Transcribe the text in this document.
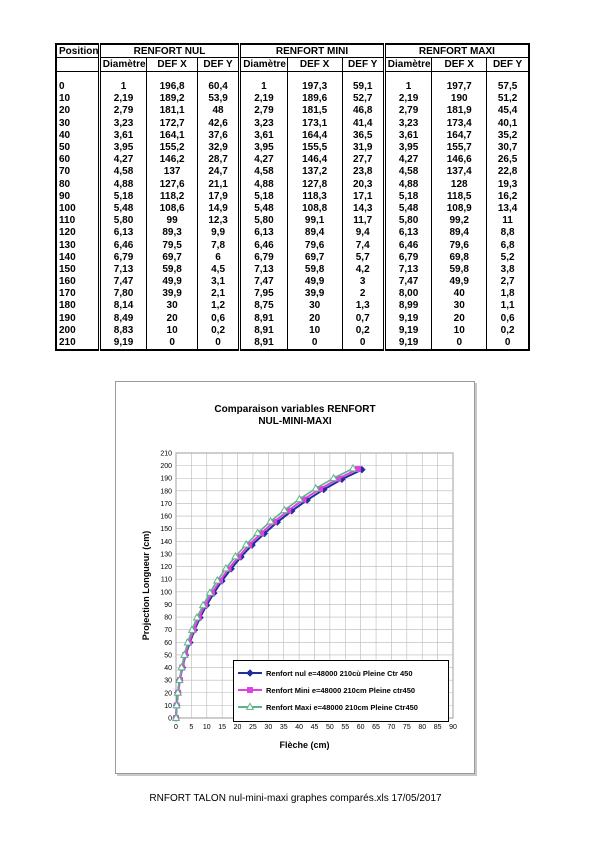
Position	RENFORT NUL			RENFORT MINI			RENFORT MAXI		
	Diamètre	DEF X	DEF Y	Diamètre	DEF X	DEF Y	Diamètre	DEF X	DEF Y

0	1	196,8	60,4	1	197,3	59,1	1	197,7	57,5
10	2,19	189,2	53,9	2,19	189,6	52,7	2,19	190	51,2
20	2,79	181,1	48	2,79	181,5	46,8	2,79	181,9	45,4
30	3,23	172,7	42,6	3,23	173,1	41,4	3,23	173,4	40,1
40	3,61	164,1	37,6	3,61	164,4	36,5	3,61	164,7	35,2
50	3,95	155,2	32,9	3,95	155,5	31,9	3,95	155,7	30,7
60	4,27	146,2	28,7	4,27	146,4	27,7	4,27	146,6	26,5
70	4,58	137	24,7	4,58	137,2	23,8	4,58	137,4	22,8
80	4,88	127,6	21,1	4,88	127,8	20,3	4,88	128	19,3
90	5,18	118,2	17,9	5,18	118,3	17,1	5,18	118,5	16,2
100	5,48	108,6	14,9	5,48	108,8	14,3	5,48	108,9	13,4
110	5,80	99	12,3	5,80	99,1	11,7	5,80	99,2	11
120	6,13	89,3	9,9	6,13	89,4	9,4	6,13	89,4	8,8
130	6,46	79,5	7,8	6,46	79,6	7,4	6,46	79,6	6,8
140	6,79	69,7	6	6,79	69,7	5,7	6,79	69,8	5,2
150	7,13	59,8	4,5	7,13	59,8	4,2	7,13	59,8	3,8
160	7,47	49,9	3,1	7,47	49,9	3	7,47	49,9	2,7
170	7,80	39,9	2,1	7,95	39,9	2	8,00	40	1,8
180	8,14	30	1,2	8,75	30	1,3	8,99	30	1,1
190	8,49	20	0,6	8,91	20	0,7	9,19	20	0,6
200	8,83	10	0,2	8,91	10	0,2	9,19	10	0,2
210	9,19	0	0	8,91	0	0	9,19	0	0
Comparaison variables RENFORT
NUL-MINI-MAXI
0
10
20
30
40
50
60
70
80
90
100
110
120
130
140
150
160
170
180
190
200
210
0 5 10 15 20 25 30 35 40 45 50 55 60 65 70 75 80 85 90
Flèche (cm)
Projection Longueur (cm)
Renfort nul e=48000 210cù Pleine Ctr 450
Renfort Mini e=48000 210cm Pleine ctr450
Renfort Maxi e=48000 210cm Pleine Ctr450
RNFORT TALON nul-mini-maxi graphes comparés.xls 17/05/2017
